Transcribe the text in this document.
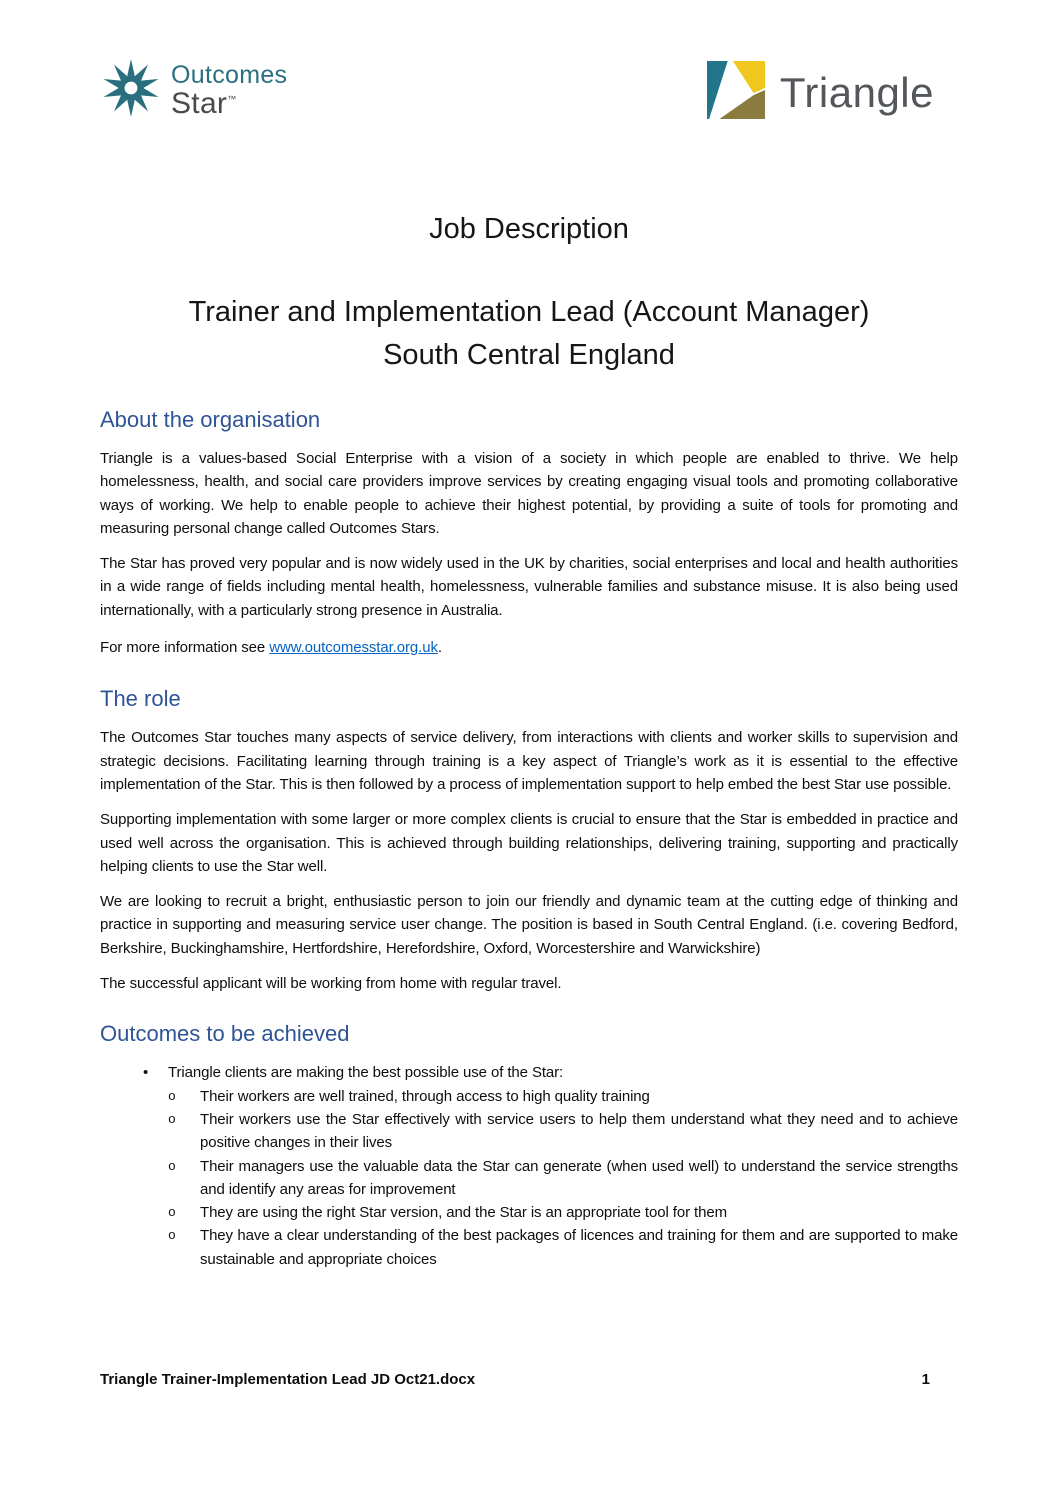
Outcomes
Star™	Triangle
Job Description
Trainer and Implementation Lead (Account Manager)
South Central England
About the organisation

Triangle is a values-based Social Enterprise with a vision of a society in which people are enabled to thrive. We help homelessness, health, and social care providers improve services by creating engaging visual tools and promoting collaborative ways of working. We help to enable people to achieve their highest potential, by providing a suite of tools for promoting and measuring personal change called Outcomes Stars.

The Star has proved very popular and is now widely used in the UK by charities, social enterprises and local and health authorities in a wide range of fields including mental health, homelessness, vulnerable families and substance misuse. It is also being used internationally, with a particularly strong presence in Australia.

For more information see www.outcomesstar.org.uk.

The role

The Outcomes Star touches many aspects of service delivery, from interactions with clients and worker skills to supervision and strategic decisions. Facilitating learning through training is a key aspect of Triangle’s work as it is essential to the effective implementation of the Star. This is then followed by a process of implementation support to help embed the best Star use possible.

Supporting implementation with some larger or more complex clients is crucial to ensure that the Star is embedded in practice and used well across the organisation. This is achieved through building relationships, delivering training, supporting and practically helping clients to use the Star well.

We are looking to recruit a bright, enthusiastic person to join our friendly and dynamic team at the cutting edge of thinking and practice in supporting and measuring service user change. The position is based in South Central England. (i.e. covering Bedford, Berkshire, Buckinghamshire, Hertfordshire, Herefordshire, Oxford, Worcestershire and Warwickshire)

The successful applicant will be working from home with regular travel.

Outcomes to be achieved
•	Triangle clients are making the best possible use of the Star:
o	Their workers are well trained, through access to high quality training
o	Their workers use the Star effectively with service users to help them understand what they need and to achieve positive changes in their lives
o	Their managers use the valuable data the Star can generate (when used well) to understand the service strengths and identify any areas for improvement
o	They are using the right Star version, and the Star is an appropriate tool for them
o	They have a clear understanding of the best packages of licences and training for them and are supported to make sustainable and appropriate choices
Triangle Trainer-Implementation Lead JD Oct21.docx	1
